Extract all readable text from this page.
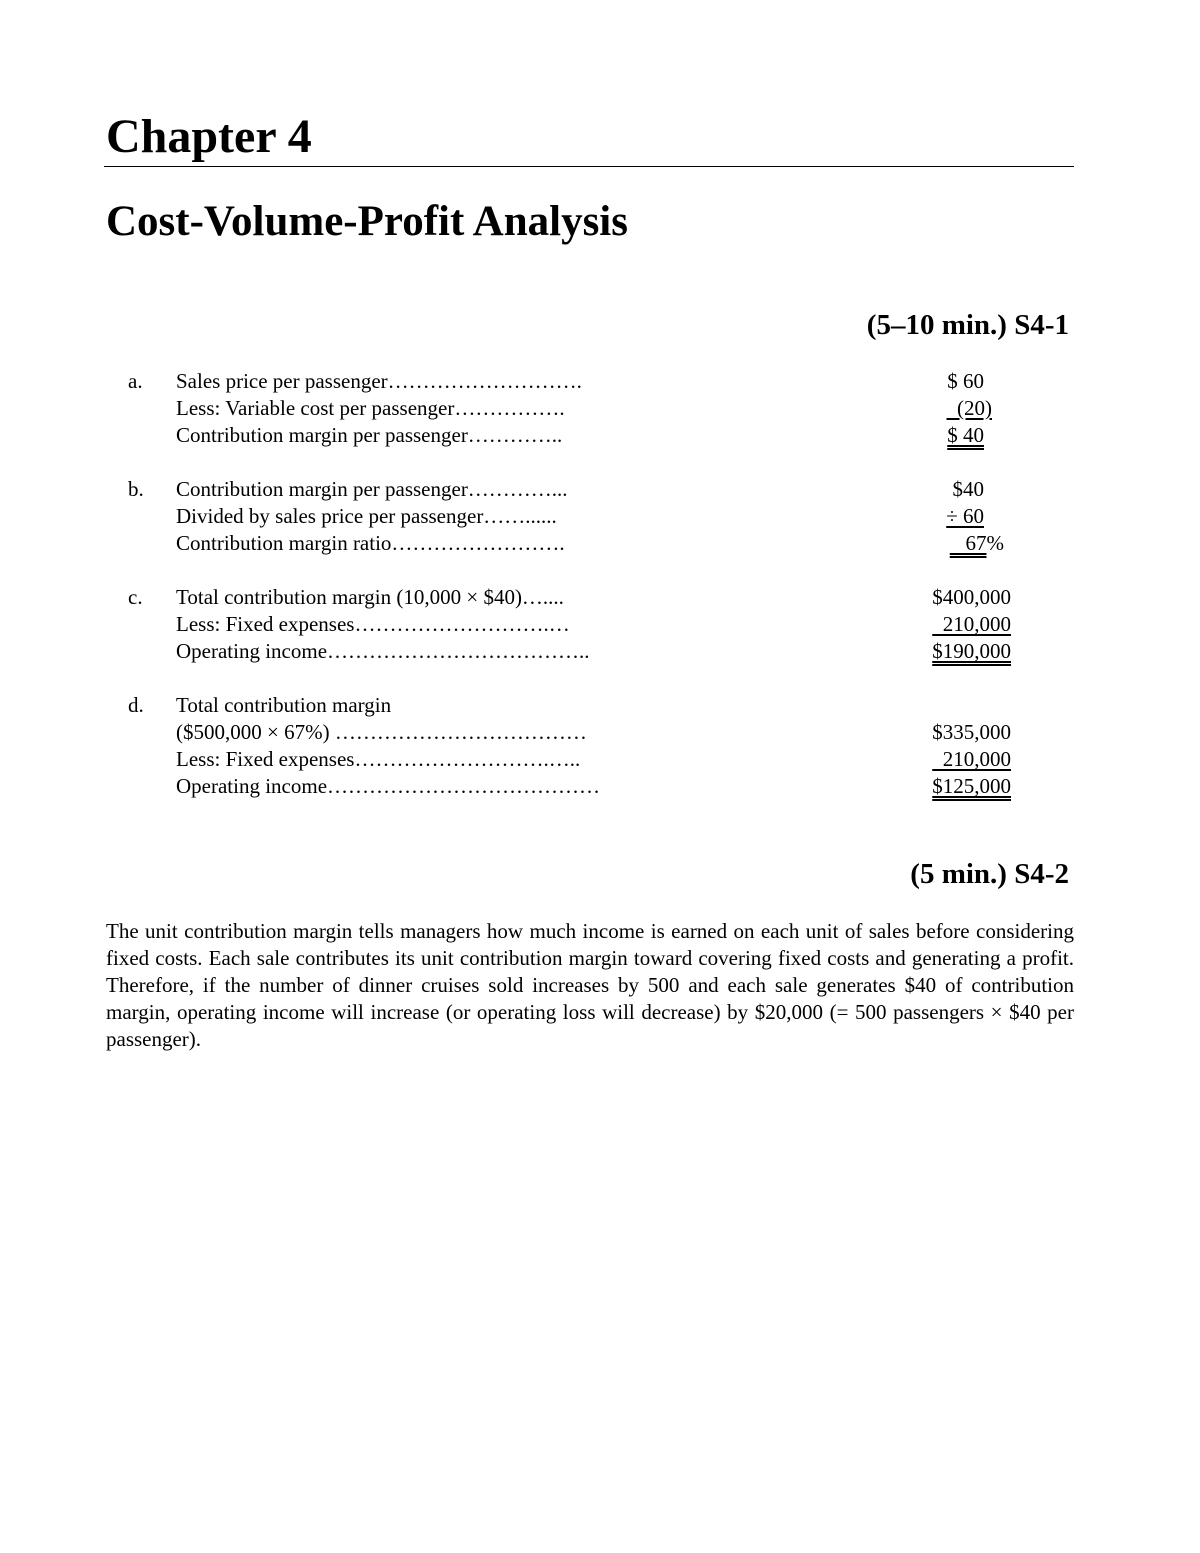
Chapter 4
Cost-Volume-Profit Analysis
(5–10 min.) S4-1
a. Sales price per passenger……………………….	$ 60
Less: Variable cost per passenger…………….	(20)
Contribution margin per passenger…………..	$ 40
b. Contribution margin per passenger…………...	$40
Divided by sales price per passenger……......	÷ 60
Contribution margin ratio…………………….	67%
c. Total contribution margin (10,000 × $40)…....	$400,000
Less: Fixed expenses……………………….…	210,000
Operating income………………………………..	$190,000
d. Total contribution margin
($500,000 × 67%) ………………………………	$335,000
Less: Fixed expenses……………………….…..	210,000
Operating income…………………………………	$125,000
(5 min.) S4-2
The unit contribution margin tells managers how much income is earned on each unit of sales before considering fixed costs. Each sale contributes its unit contribution margin toward covering fixed costs and generating a profit. Therefore, if the number of dinner cruises sold increases by 500 and each sale generates $40 of contribution margin, operating income will increase (or operating loss will decrease) by $20,000 (= 500 passengers × $40 per passenger).
